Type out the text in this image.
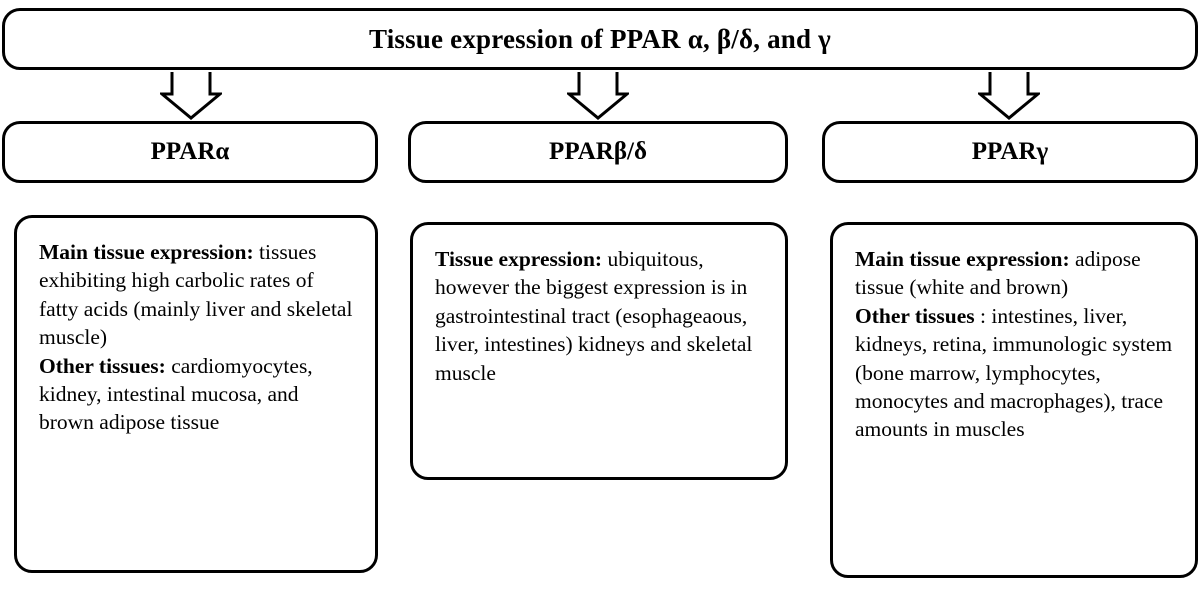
Tissue expression of PPAR α, β/δ, and γ
PPARα	PPARβ/δ	PPARγ

Main tissue expression: tissues exhibiting high carbolic rates of fatty acids (mainly liver and skeletal muscle)

Other tissues: cardiomyocytes, kidney, intestinal mucosa, and brown adipose tissue

Tissue expression: ubiquitous, however the biggest expression is in gastrointestinal tract (esophageaous, liver, intestines) kidneys and skeletal muscle

Main tissue expression: adipose tissue (white and brown)

Other tissues : intestines, liver, kidneys, retina, immunologic system (bone marrow, lymphocytes, monocytes and macrophages), trace amounts in muscles
